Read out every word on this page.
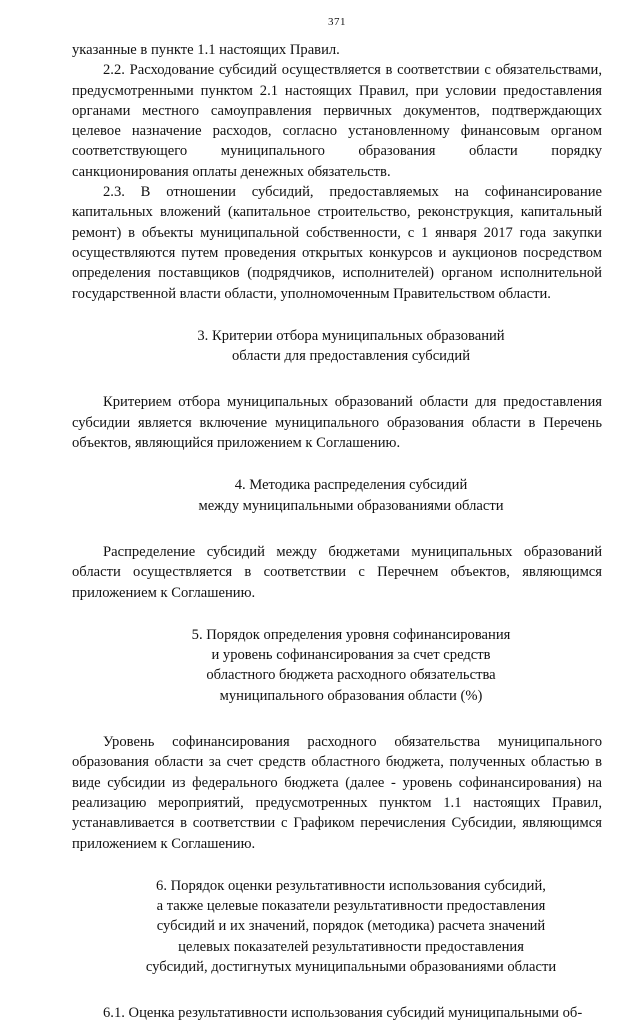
371

указанные в пункте 1.1 настоящих Правил.

2.2. Расходование субсидий осуществляется в соответствии с обязательствами, предусмотренными пунктом 2.1 настоящих Правил, при условии предоставления органами местного самоуправления первичных документов, подтверждающих целевое назначение расходов, согласно установленному финансовым органом соответствующего муниципального образования области порядку санкционирования оплаты денежных обязательств.

2.3. В отношении субсидий, предоставляемых на софинансирование капитальных вложений (капитальное строительство, реконструкция, капитальный ремонт) в объекты муниципальной собственности, с 1 января 2017 года закупки осуществляются путем проведения открытых конкурсов и аукционов посредством определения поставщиков (подрядчиков, исполнителей) органом исполнительной государственной власти области, уполномоченным Правительством области.

3. Критерии отбора муниципальных образований
области для предоставления субсидий

Критерием отбора муниципальных образований области для предоставления субсидии является включение муниципального образования области в Перечень объектов, являющийся приложением к Соглашению.

4. Методика распределения субсидий
между муниципальными образованиями области

Распределение субсидий между бюджетами муниципальных образований области осуществляется в соответствии с Перечнем объектов, являющимся приложением к Соглашению.

5. Порядок определения уровня софинансирования
и уровень софинансирования за счет средств
областного бюджета расходного обязательства
муниципального образования области (%)

Уровень софинансирования расходного обязательства муниципального образования области за счет средств областного бюджета, полученных областью в виде субсидии из федерального бюджета (далее - уровень софинансирования) на реализацию мероприятий, предусмотренных пунктом 1.1 настоящих Правил, устанавливается в соответствии с Графиком перечисления Субсидии, являющимся приложением к Соглашению.

6. Порядок оценки результативности использования субсидий,
а также целевые показатели результативности предоставления
субсидий и их значений, порядок (методика) расчета значений
целевых показателей результативности предоставления
субсидий, достигнутых муниципальными образованиями области

6.1. Оценка результативности использования субсидий муниципальными об-
